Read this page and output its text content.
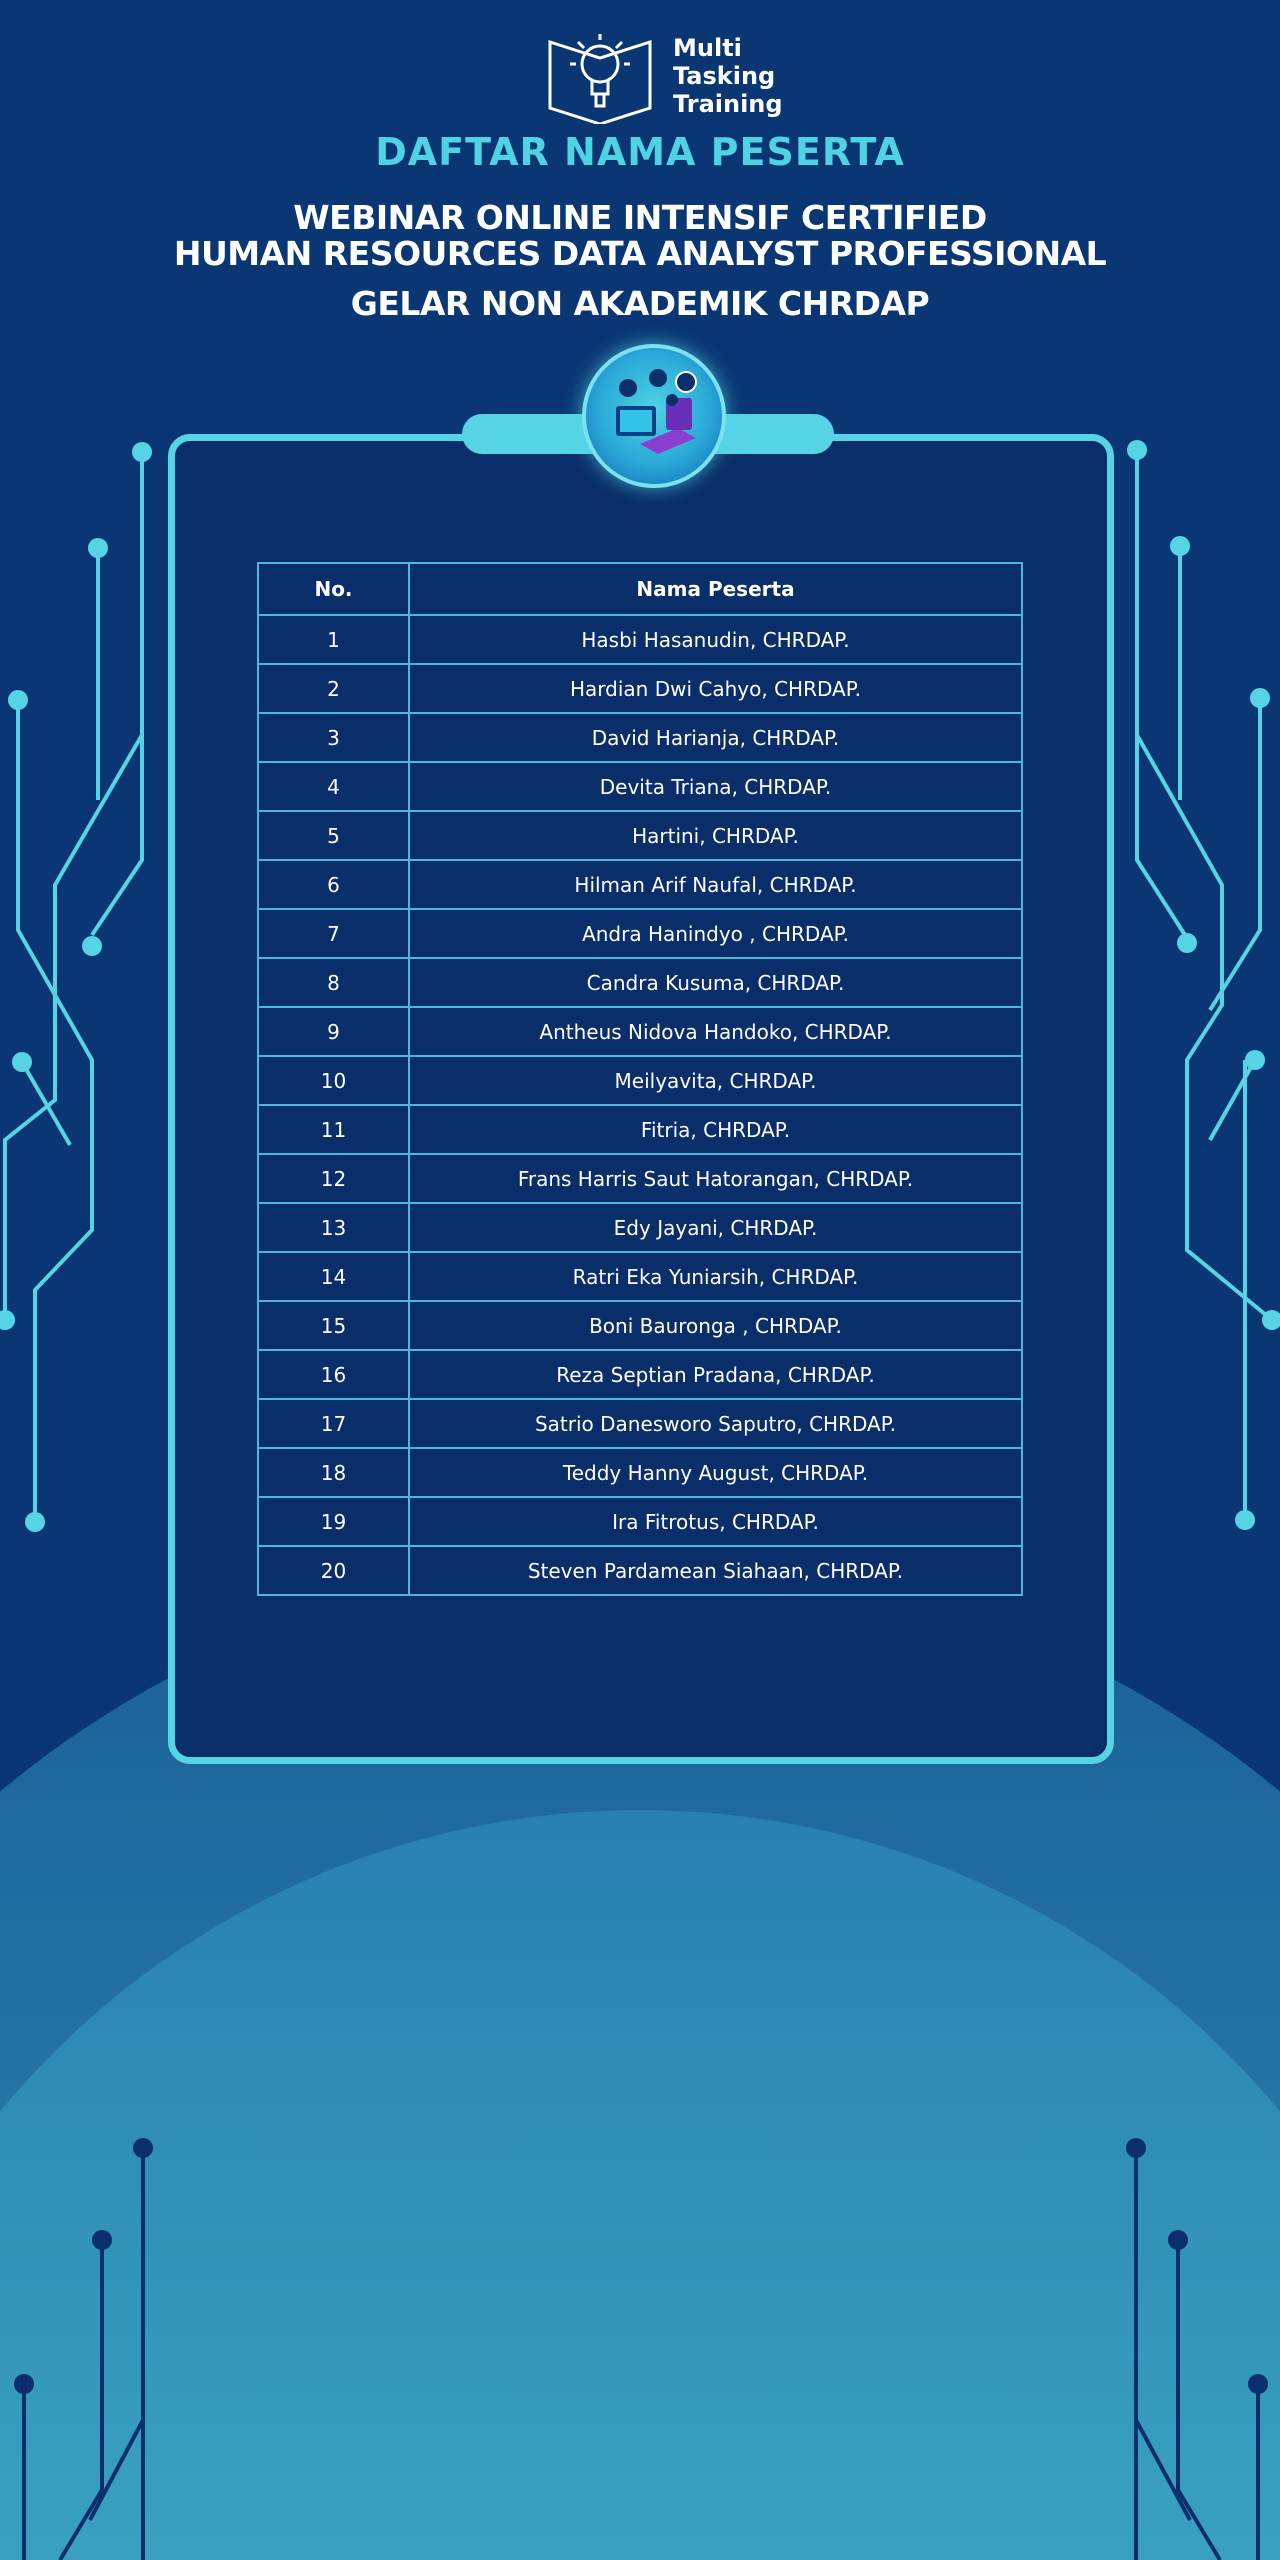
Multi
Tasking
Training
DAFTAR NAMA PESERTA
WEBINAR ONLINE INTENSIF CERTIFIED
HUMAN RESOURCES DATA ANALYST PROFESSIONAL
GELAR NON AKADEMIK CHRDAP
No.	Nama Peserta
1	Hasbi Hasanudin, CHRDAP.
2	Hardian Dwi Cahyo, CHRDAP.
3	David Harianja, CHRDAP.
4	Devita Triana, CHRDAP.
5	Hartini, CHRDAP.
6	Hilman Arif Naufal, CHRDAP.
7	Andra Hanindyo , CHRDAP.
8	Candra Kusuma, CHRDAP.
9	Antheus Nidova Handoko, CHRDAP.
10	Meilyavita, CHRDAP.
11	Fitria, CHRDAP.
12	Frans Harris Saut Hatorangan, CHRDAP.
13	Edy Jayani, CHRDAP.
14	Ratri Eka Yuniarsih, CHRDAP.
15	Boni Bauronga , CHRDAP.
16	Reza Septian Pradana, CHRDAP.
17	Satrio Danesworo Saputro, CHRDAP.
18	Teddy Hanny August, CHRDAP.
19	Ira Fitrotus, CHRDAP.
20	Steven Pardamean Siahaan, CHRDAP.
